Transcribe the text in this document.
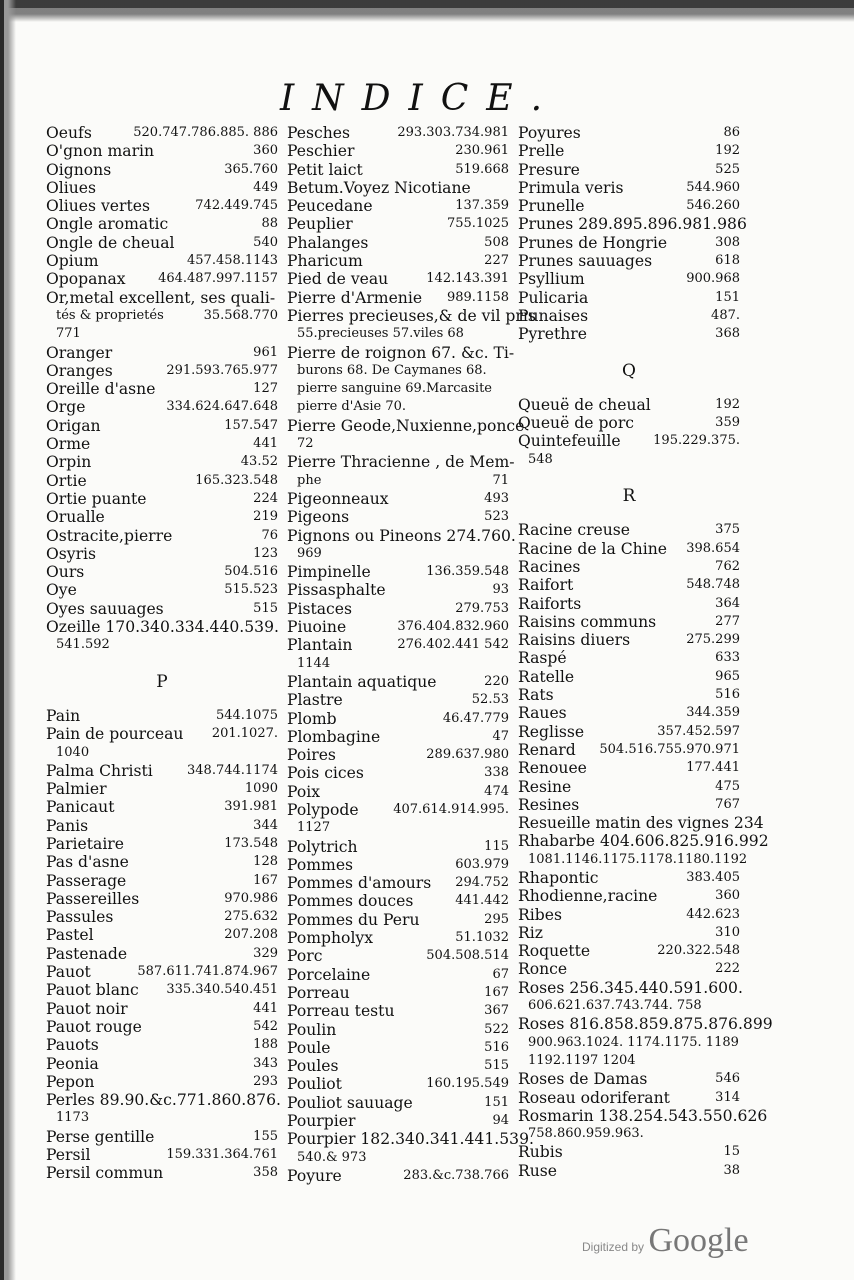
INDICE.
Oeufs	520.747.786.885. 886
O'gnon marin	360
Oignons	365.760
Oliues	449
Oliues vertes	742.449.745
Ongle aromatic	88
Ongle de cheual	540
Opium	457.458.1143
Opopanax	464.487.997.1157
Or,metal excellent, ses quali-
tés & proprietés	35.568.770
771
Oranger	961
Oranges	291.593.765.977
Oreille d'asne	127
Orge	334.624.647.648
Origan	157.547
Orme	441
Orpin	43.52
Ortie	165.323.548
Ortie puante	224
Orualle	219
Ostracite,pierre	76
Osyris	123
Ours	504.516
Oye	515.523
Oyes sauuages	515
Ozeille 170.340.334.440.539.
541.592
P
Pain	544.1075
Pain de pourceau	201.1027.
1040
Palma Christi	348.744.1174
Palmier	1090
Panicaut	391.981
Panis	344
Parietaire	173.548
Pas d'asne	128
Passerage	167
Passereilles	970.986
Passules	275.632
Pastel	207.208
Pastenade	329
Pauot	587.611.741.874.967
Pauot blanc	335.340.540.451
Pauot noir	441
Pauot rouge	542
Pauots	188
Peonia	343
Pepon	293
Perles 89.90.&c.771.860.876.
1173
Perse gentille	155
Persil	159.331.364.761
Persil commun	358
Pesches	293.303.734.981
Peschier	230.961
Petit laict	519.668
Betum.Voyez Nicotiane
Peucedane	137.359
Peuplier	755.1025
Phalanges	508
Pharicum	227
Pied de veau	142.143.391
Pierre d'Armenie	989.1158
Pierres precieuses,& de vil pris
55.precieuses 57.viles 68
Pierre de roignon 67. &c. Ti-
burons 68. De Caymanes 68.
pierre sanguine 69.Marcasite
pierre d'Asie 70.
Pierre Geode,Nuxienne,ponce
72
Pierre Thracienne , de Mem-
phe	71
Pigeonneaux	493
Pigeons	523
Pignons ou Pineons 274.760.
969
Pimpinelle	136.359.548
Pissasphalte	93
Pistaces	279.753
Piuoine	376.404.832.960
Plantain	276.402.441 542
1144
Plantain aquatique	220
Plastre	52.53
Plomb	46.47.779
Plombagine	47
Poires	289.637.980
Pois cices	338
Poix	474
Polypode	407.614.914.995.
1127
Polytrich	115
Pommes	603.979
Pommes d'amours	294.752
Pommes douces	441.442
Pommes du Peru	295
Pompholyx	51.1032
Porc	504.508.514
Porcelaine	67
Porreau	167
Porreau testu	367
Poulin	522
Poule	516
Poules	515
Pouliot	160.195.549
Pouliot sauuage	151
Pourpier	94
Pourpier 182.340.341.441.539.
540.& 973
Poyure	283.&c.738.766
Poyures	86
Prelle	192
Presure	525
Primula veris	544.960
Prunelle	546.260
Prunes 289.895.896.981.986
Prunes de Hongrie	308
Prunes sauuages	618
Psyllium	900.968
Pulicaria	151
Punaises	487.
Pyrethre	368
Q
Queuë de cheual	192
Queuë de porc	359
Quintefeuille	195.229.375.
548
R
Racine creuse	375
Racine de la Chine	398.654
Racines	762
Raifort	548.748
Raiforts	364
Raisins communs	277
Raisins diuers	275.299
Raspé	633
Ratelle	965
Rats	516
Raues	344.359
Reglisse	357.452.597
Renard	504.516.755.970.971
Renouee	177.441
Resine	475
Resines	767
Resueille matin des vignes 234
Rhabarbe 404.606.825.916.992
1081.1146.1175.1178.1180.1192
Rhapontic	383.405
Rhodienne,racine	360
Ribes	442.623
Riz	310
Roquette	220.322.548
Ronce	222
Roses 256.345.440.591.600.
606.621.637.743.744. 758
Roses 816.858.859.875.876.899
900.963.1024. 1174.1175. 1189
1192.1197 1204
Roses de Damas	546
Roseau odoriferant	314
Rosmarin 138.254.543.550.626
758.860.959.963.
Rubis	15
Ruse	38
Digitized by Google
